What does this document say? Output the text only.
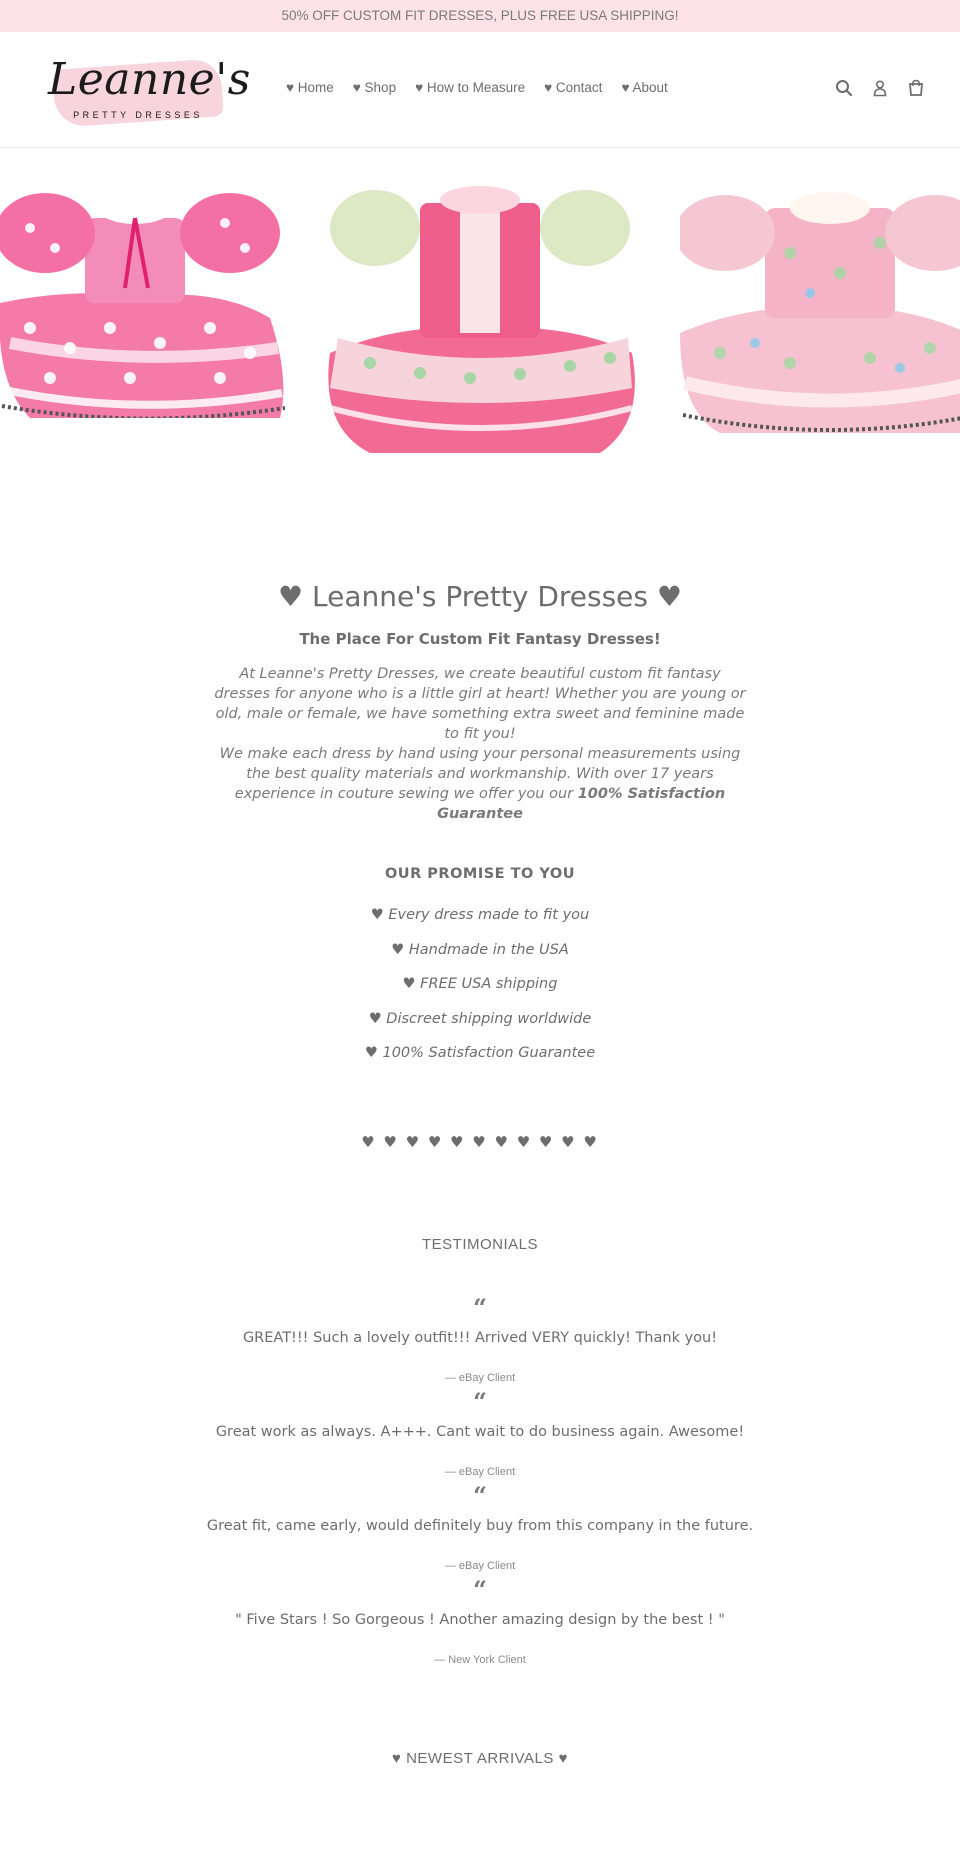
50% OFF CUSTOM FIT DRESSES, PLUS FREE USA SHIPPING!
Leanne's
PRETTY DRESSES
♥ Home ♥ Shop ♥ How to Measure ♥ Contact ♥ About
♥ Leanne's Pretty Dresses ♥
The Place For Custom Fit Fantasy Dresses!
At Leanne's Pretty Dresses, we create beautiful custom fit fantasy dresses for anyone who is a little girl at heart! Whether you are young or old, male or female, we have something extra sweet and feminine made to fit you!
We make each dress by hand using your personal measurements using the best quality materials and workmanship. With over 17 years experience in couture sewing we offer you our 100% Satisfaction Guarantee
OUR PROMISE TO YOU
♥ Every dress made to fit you
♥ Handmade in the USA
♥ FREE USA shipping
♥ Discreet shipping worldwide
♥ 100% Satisfaction Guarantee
♥ ♥ ♥ ♥ ♥ ♥ ♥ ♥ ♥ ♥ ♥
TESTIMONIALS
“
GREAT!!! Such a lovely outfit!!! Arrived VERY quickly! Thank you!
— eBay Client
“
Great work as always. A+++. Cant wait to do business again. Awesome!
— eBay Client
“
Great fit, came early, would definitely buy from this company in the future.
— eBay Client
“
" Five Stars ! So Gorgeous ! Another amazing design by the best ! "
— New York Client
♥ NEWEST ARRIVALS ♥
